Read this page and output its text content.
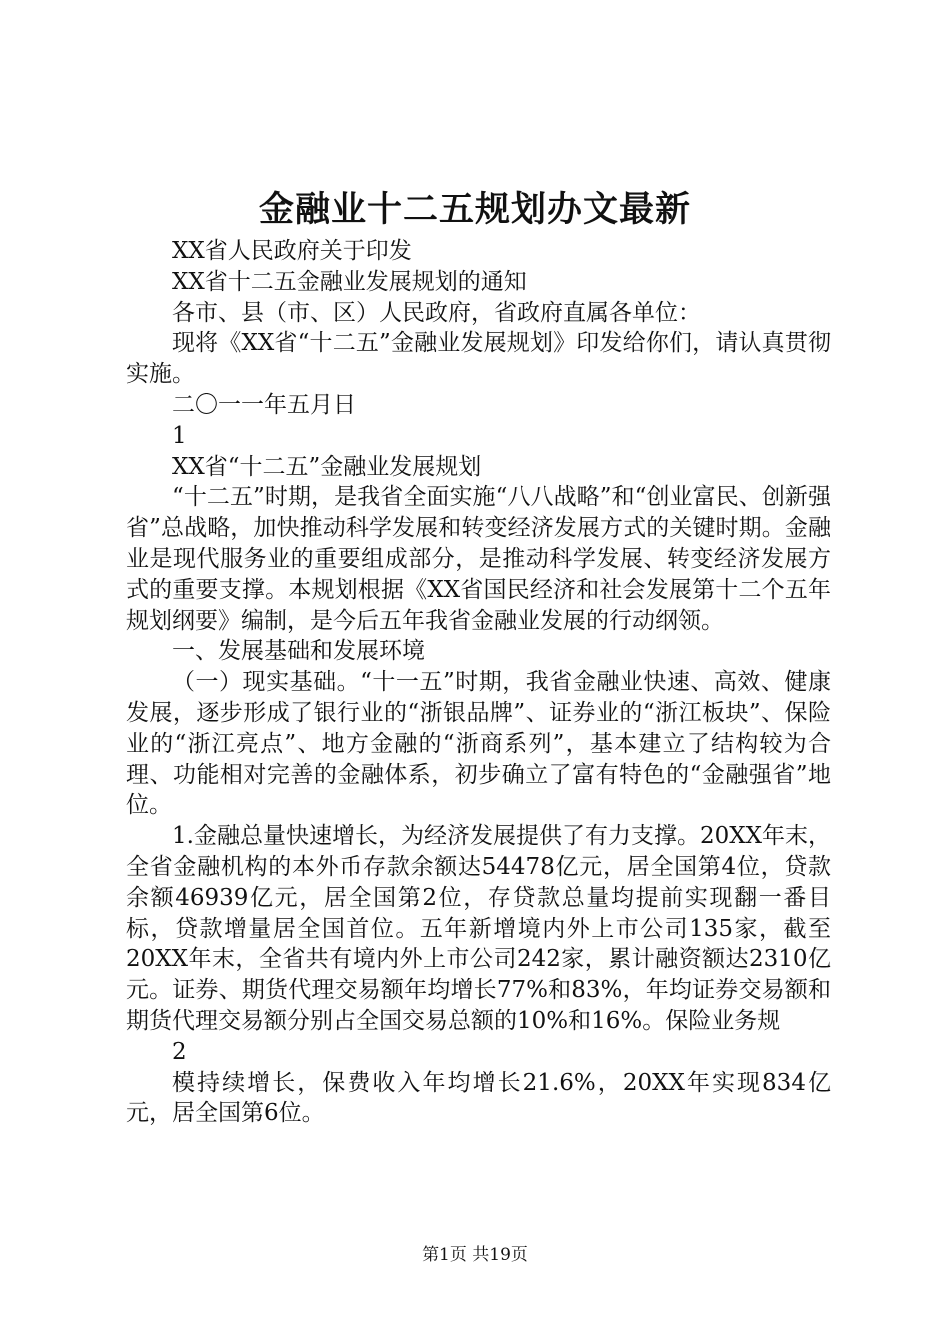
金融业十二五规划办文最新

XX省人民政府关于印发

XX省十二五金融业发展规划的通知

各市、县（市、区）人民政府，省政府直属各单位：

现将《XX省“十二五”金融业发展规划》印发给你们，请认真贯彻实施。

二〇一一年五月日

1

XX省“十二五”金融业发展规划

“十二五”时期，是我省全面实施“八八战略”和“创业富民、创新强省”总战略，加快推动科学发展和转变经济发展方式的关键时期。金融业是现代服务业的重要组成部分，是推动科学发展、转变经济发展方式的重要支撑。本规划根据《XX省国民经济和社会发展第十二个五年规划纲要》编制，是今后五年我省金融业发展的行动纲领。

一、发展基础和发展环境

（一）现实基础。“十一五”时期，我省金融业快速、高效、健康发展，逐步形成了银行业的“浙银品牌”、证券业的“浙江板块”、保险业的“浙江亮点”、地方金融的“浙商系列”，基本建立了结构较为合理、功能相对完善的金融体系，初步确立了富有特色的“金融强省”地位。

1.金融总量快速增长，为经济发展提供了有力支撑。20XX年末，全省金融机构的本外币存款余额达54478亿元，居全国第4位，贷款余额46939亿元，居全国第2位，存贷款总量均提前实现翻一番目标，贷款增量居全国首位。五年新增境内外上市公司135家，截至20XX年末，全省共有境内外上市公司242家，累计融资额达2310亿元。证券、期货代理交易额年均增长77%和83%，年均证券交易额和期货代理交易额分别占全国交易总额的10%和16%。保险业务规

2

模持续增长，保费收入年均增长21.6%，20XX年实现834亿元，居全国第6位。

第1页 共19页
